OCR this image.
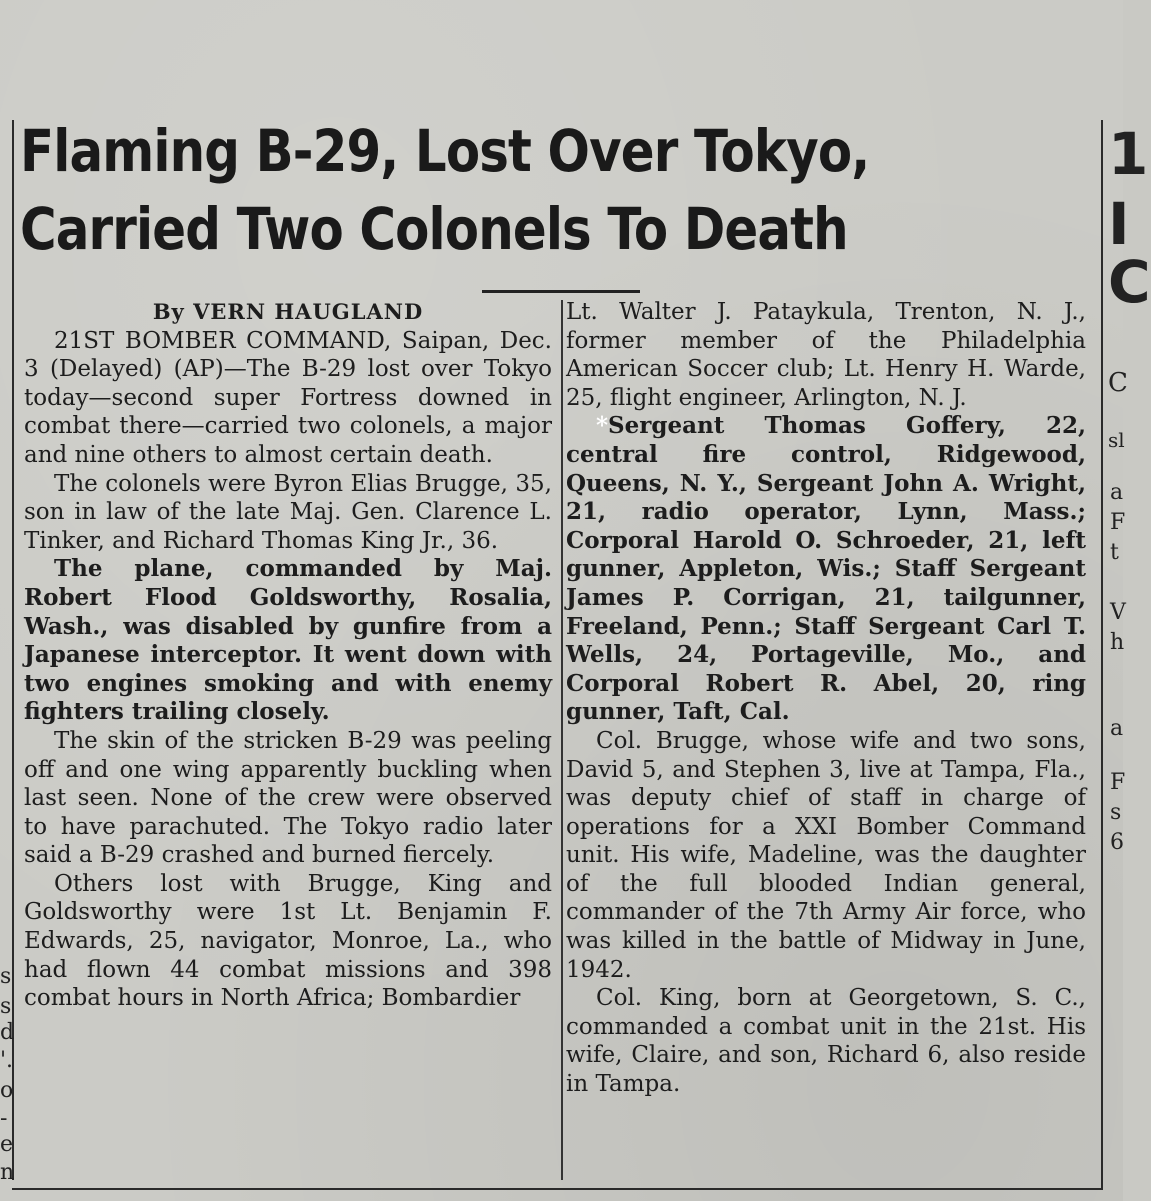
Flaming B-29, Lost Over Tokyo,
Carried Two Colonels To Death

By VERN HAUGLAND

21ST BOMBER COMMAND, Saipan, Dec. 3 (Delayed) (AP)—The B-29 lost over Tokyo today—second super Fortress downed in combat there—carried two colonels, a major and nine others to almost certain death.

The colonels were Byron Elias Brugge, 35, son in law of the late Maj. Gen. Clarence L. Tinker, and Richard Thomas King Jr., 36.

The plane, commanded by Maj. Robert Flood Goldsworthy, Rosalia, Wash., was disabled by gunfire from a Japanese interceptor. It went down with two engines smoking and with enemy fighters trailing closely.

The skin of the stricken B-29 was peeling off and one wing apparently buckling when last seen. None of the crew were observed to have parachuted. The Tokyo radio later said a B-29 crashed and burned fiercely.

Others lost with Brugge, King and Goldsworthy were 1st Lt. Benjamin F. Edwards, 25, navigator, Monroe, La., who had flown 44 combat missions and 398 combat hours in North Africa; Bombardier

Lt. Walter J. Pataykula, Trenton, N. J., former member of the Philadelphia American Soccer club; Lt. Henry H. Warde, 25, flight engineer, Arlington, N. J.

*Sergeant Thomas Goffery, 22, central fire control, Ridgewood, Queens, N. Y., Sergeant John A. Wright, 21, radio operator, Lynn, Mass.; Corporal Harold O. Schroeder, 21, left gunner, Appleton, Wis.; Staff Sergeant James P. Corrigan, 21, tailgunner, Freeland, Penn.; Staff Sergeant Carl T. Wells, 24, Portageville, Mo., and Corporal Robert R. Abel, 20, ring gunner, Taft, Cal.

Col. Brugge, whose wife and two sons, David 5, and Stephen 3, live at Tampa, Fla., was deputy chief of staff in charge of operations for a XXI Bomber Command unit. His wife, Madeline, was the daughter of the full blooded Indian general, commander of the 7th Army Air force, who was killed in the battle of Midway in June, 1942.

Col. King, born at Georgetown, S. C., commanded a combat unit in the 21st. His wife, Claire, and son, Richard 6, also reside in Tampa.

1
I
C
C
sl
a
F
t
V
h
a
F
s
6
s
s
d
'.
o
-
e
n
